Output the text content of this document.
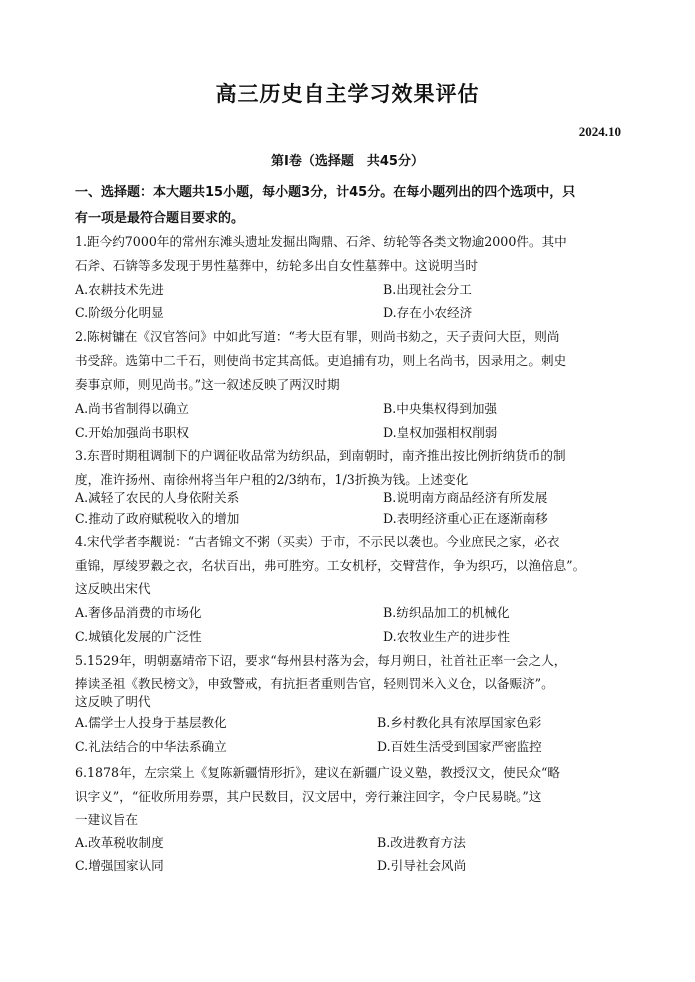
高三历史自主学习效果评估
2024.10
第Ⅰ卷（选择题　共45分）
一、选择题：本大题共15小题，每小题3分，计45分。在每小题列出的四个选项中，只
有一项是最符合题目要求的。
1.距今约7000年的常州东滩头遗址发掘出陶鼎、石斧、纺轮等各类文物逾2000件。其中
石斧、石锛等多发现于男性墓葬中，纺轮多出自女性墓葬中。这说明当时
A.农耕技术先进	B.出现社会分工
C.阶级分化明显	D.存在小农经济
2.陈树镛在《汉官答问》中如此写道：“考大臣有罪，则尚书劾之，天子责问大臣，则尚
书受辞。选第中二千石，则使尚书定其高低。吏追捕有功，则上名尚书，因录用之。刺史
奏事京师，则见尚书。”这一叙述反映了两汉时期
A.尚书省制得以确立	B.中央集权得到加强
C.开始加强尚书职权	D.皇权加强相权削弱
3.东晋时期租调制下的户调征收品常为纺织品，到南朝时，南齐推出按比例折纳货币的制
度，准许扬州、南徐州将当年户租的2/3纳布，1/3折换为钱。上述变化
A.减轻了农民的人身依附关系	B.说明南方商品经济有所发展
C.推动了政府赋税收入的增加	D.表明经济重心正在逐渐南移
4.宋代学者李觏说：“古者锦文不粥（买卖）于市，不示民以袭也。今业庶民之家，必衣
重锦，厚绫罗縠之衣，名状百出，弗可胜穷。工女机杼，交臂营作，争为织巧，以渔倍息”。
这反映出宋代
A.奢侈品消费的市场化	B.纺织品加工的机械化
C.城镇化发展的广泛性	D.农牧业生产的进步性
5.1529年，明朝嘉靖帝下诏，要求“每州县村落为会，每月朔日，社首社正率一会之人，
捧读圣祖《教民榜文》，申致警戒，有抗拒者重则告官，轻则罚米入义仓，以备赈济”。
这反映了明代
A.儒学士人投身于基层教化	B.乡村教化具有浓厚国家色彩
C.礼法结合的中华法系确立	D.百姓生活受到国家严密监控
6.1878年，左宗棠上《复陈新疆情形折》，建议在新疆广设义塾，教授汉文，使民众“略
识字义”，“征收所用券票，其户民数目，汉文居中，旁行兼注回字，令户民易晓。”这
一建议旨在
A.改革税收制度	B.改进教育方法
C.增强国家认同	D.引导社会风尚
